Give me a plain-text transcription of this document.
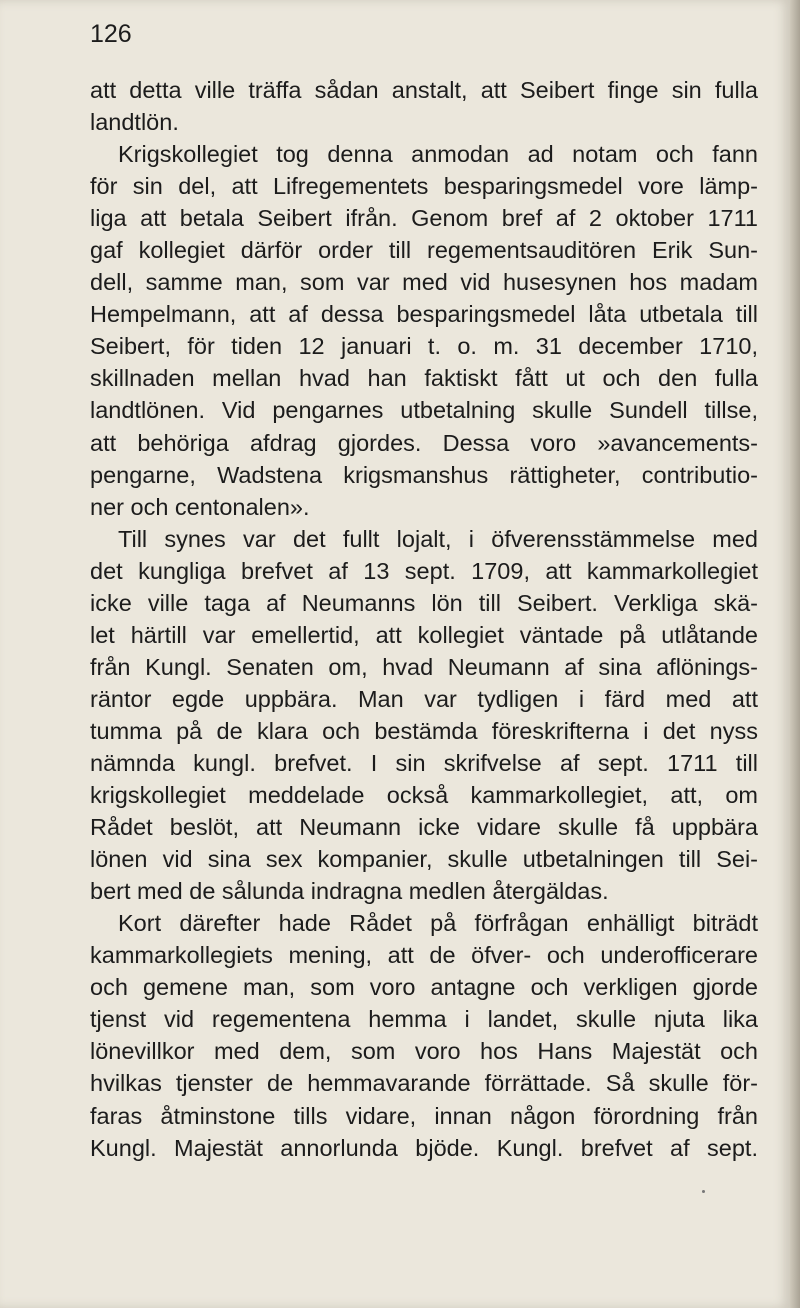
126
att detta ville träffa sådan anstalt, att Seibert finge sin fulla
landtlön.
Krigskollegiet tog denna anmodan ad notam och fann
för sin del, att Lifregementets besparingsmedel vore lämp-
liga att betala Seibert ifrån. Genom bref af 2 oktober 1711
gaf kollegiet därför order till regementsauditören Erik Sun-
dell, samme man, som var med vid husesynen hos madam
Hempelmann, att af dessa besparingsmedel låta utbetala till
Seibert, för tiden 12 januari t. o. m. 31 december 1710,
skillnaden mellan hvad han faktiskt fått ut och den fulla
landtlönen. Vid pengarnes utbetalning skulle Sundell tillse,
att behöriga afdrag gjordes. Dessa voro »avancements-
pengarne, Wadstena krigsmanshus rättigheter, contributio-
ner och centonalen».
Till synes var det fullt lojalt, i öfverensstämmelse med
det kungliga brefvet af 13 sept. 1709, att kammarkollegiet
icke ville taga af Neumanns lön till Seibert. Verkliga skä-
let härtill var emellertid, att kollegiet väntade på utlåtande
från Kungl. Senaten om, hvad Neumann af sina aflönings-
räntor egde uppbära. Man var tydligen i färd med att
tumma på de klara och bestämda föreskrifterna i det nyss
nämnda kungl. brefvet. I sin skrifvelse af sept. 1711 till
krigskollegiet meddelade också kammarkollegiet, att, om
Rådet beslöt, att Neumann icke vidare skulle få uppbära
lönen vid sina sex kompanier, skulle utbetalningen till Sei-
bert med de sålunda indragna medlen återgäldas.
Kort därefter hade Rådet på förfrågan enhälligt biträdt
kammarkollegiets mening, att de öfver- och underofficerare
och gemene man, som voro antagne och verkligen gjorde
tjenst vid regementena hemma i landet, skulle njuta lika
lönevillkor med dem, som voro hos Hans Majestät och
hvilkas tjenster de hemmavarande förrättade. Så skulle för-
faras åtminstone tills vidare, innan någon förordning från
Kungl. Majestät annorlunda bjöde. Kungl. brefvet af sept.
